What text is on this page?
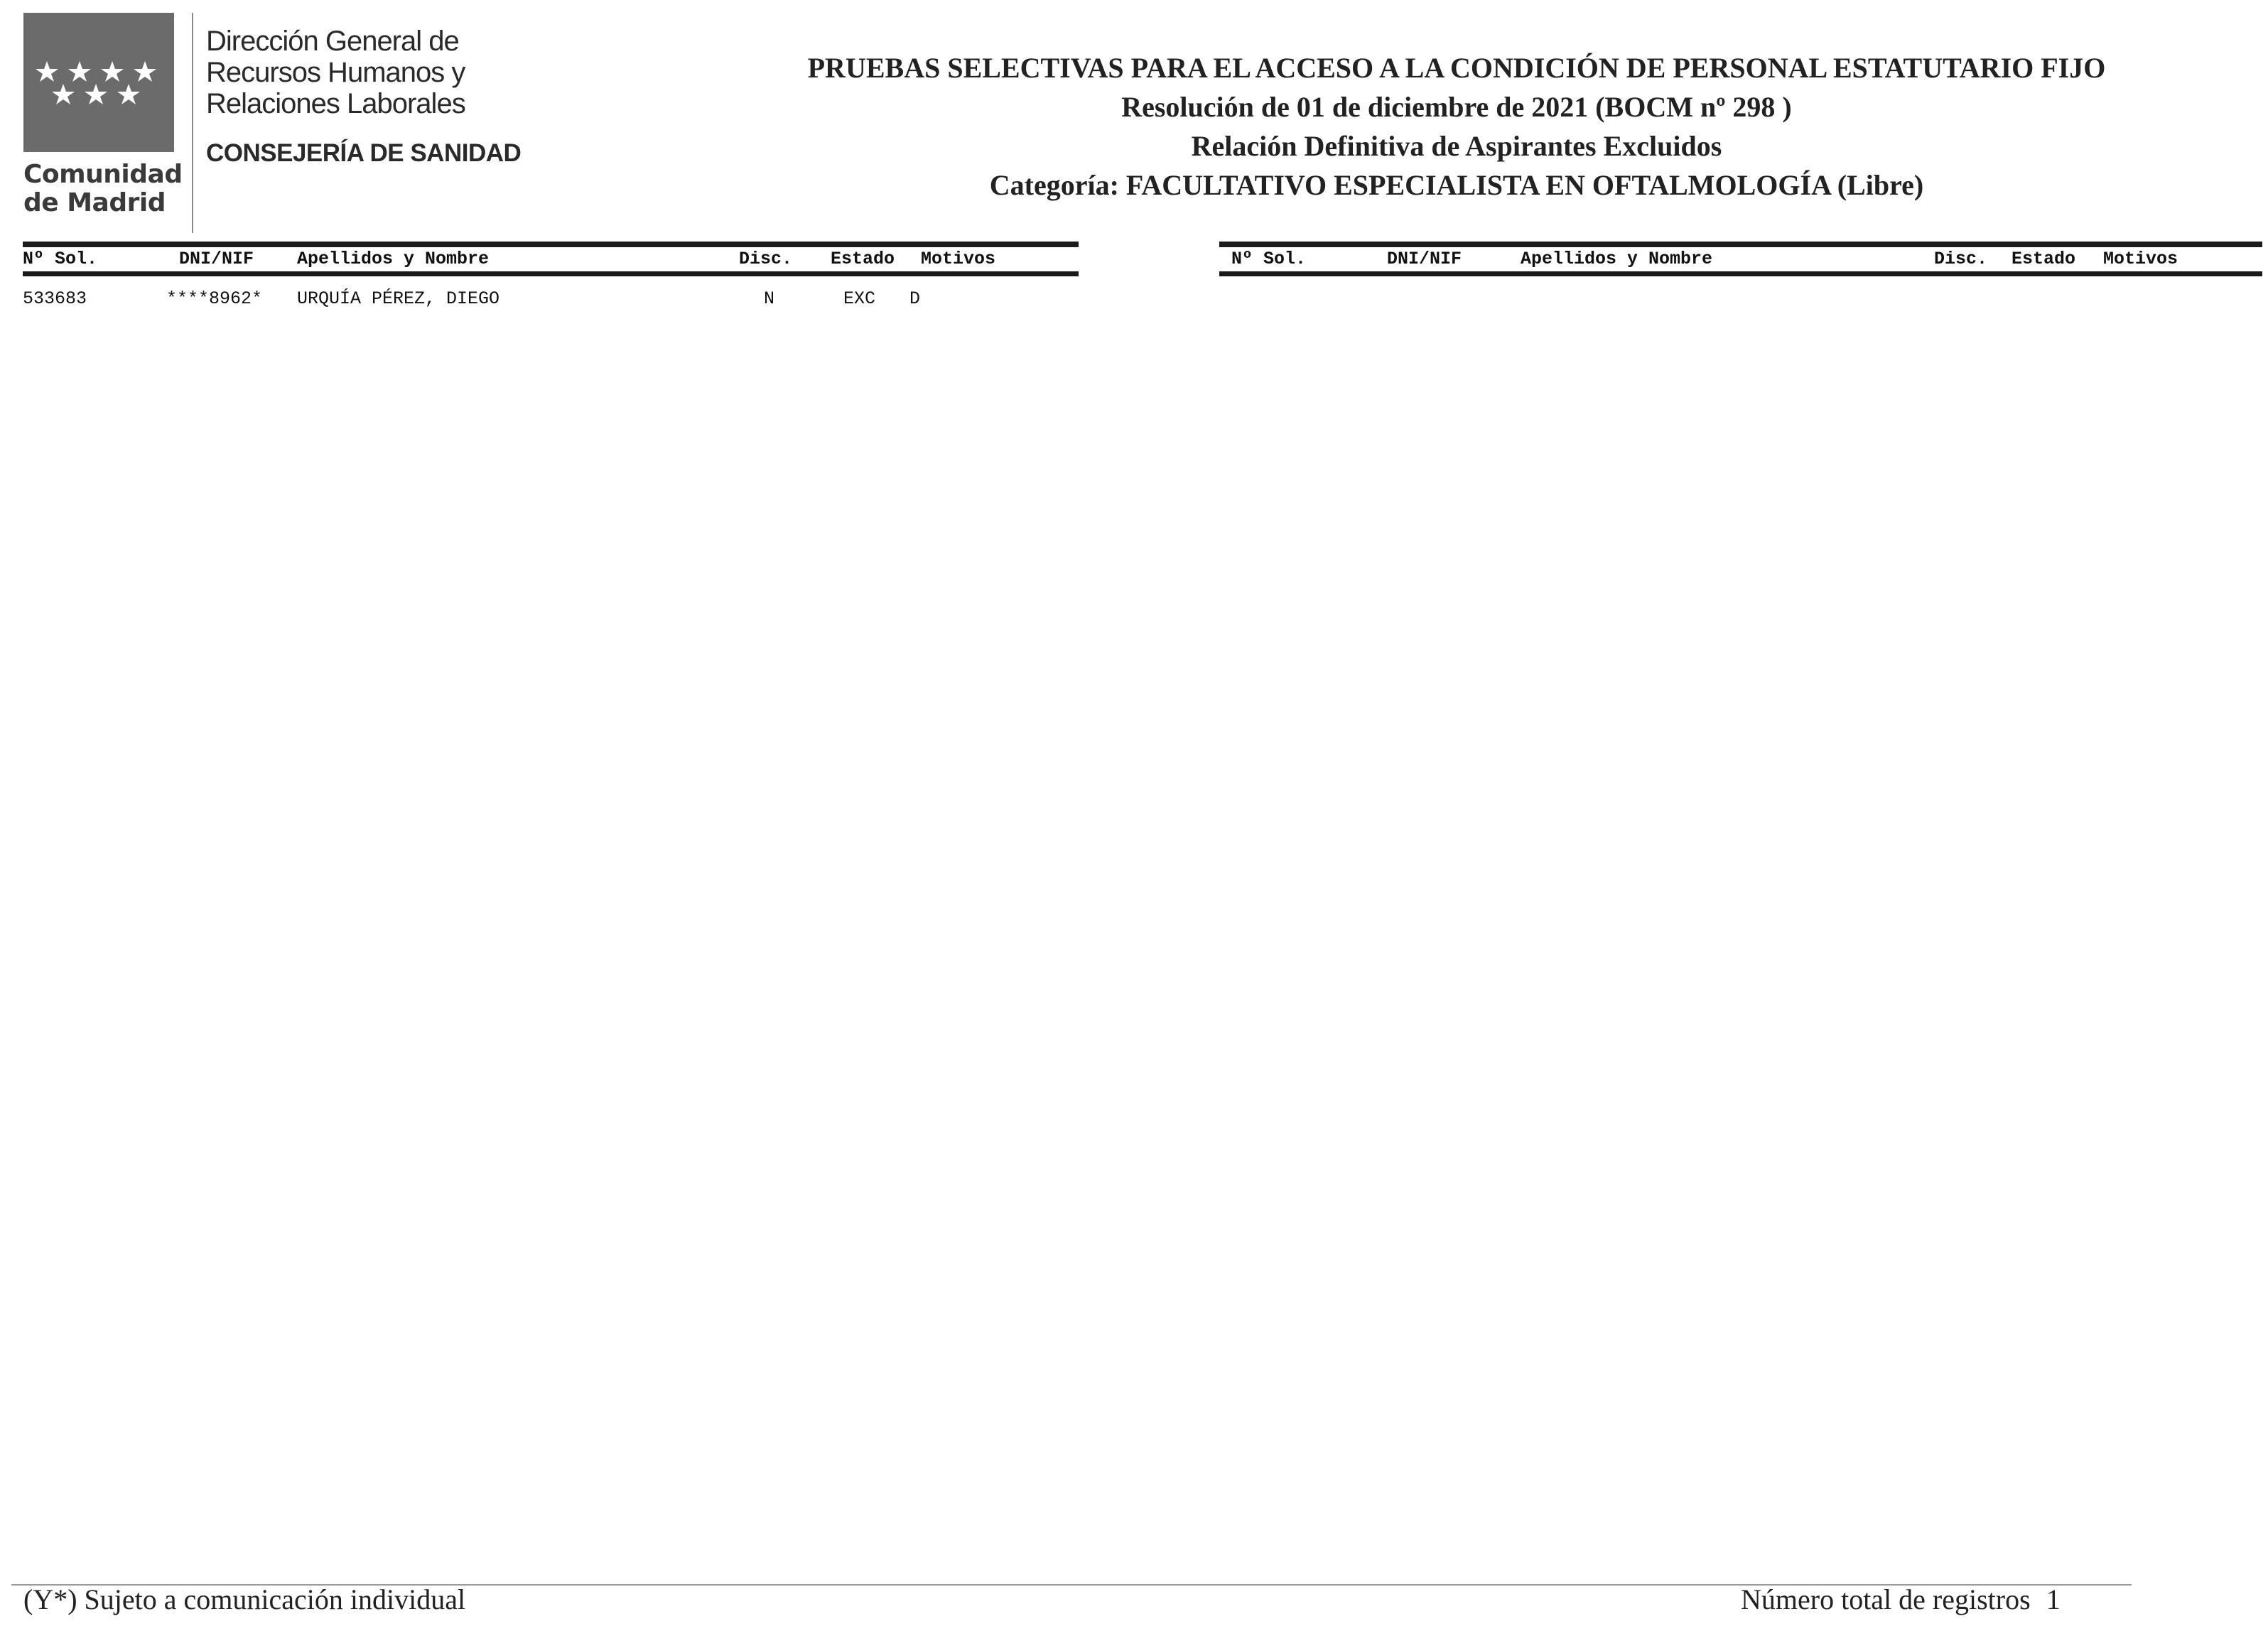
Comunidad
de Madrid
Dirección General de
Recursos Humanos y
Relaciones Laborales
CONSEJERÍA DE SANIDAD
PRUEBAS SELECTIVAS PARA EL ACCESO A LA CONDICIÓN DE PERSONAL ESTATUTARIO FIJO
Resolución de 01 de diciembre de 2021 (BOCM nº 298 )
Relación Definitiva de Aspirantes Excluidos
Categoría: FACULTATIVO ESPECIALISTA EN OFTALMOLOGÍA (Libre)
Nº Sol.	DNI/NIF Apellidos y Nombre	Disc. Estado Motivos
533683	****8962* URQUÍA PÉREZ, DIEGO	N	EXC D
Nº Sol.	DNI/NIF	Apellidos y Nombre	Disc. Estado Motivos
(Y*) Sujeto a comunicación individual	Número total de registros 1
